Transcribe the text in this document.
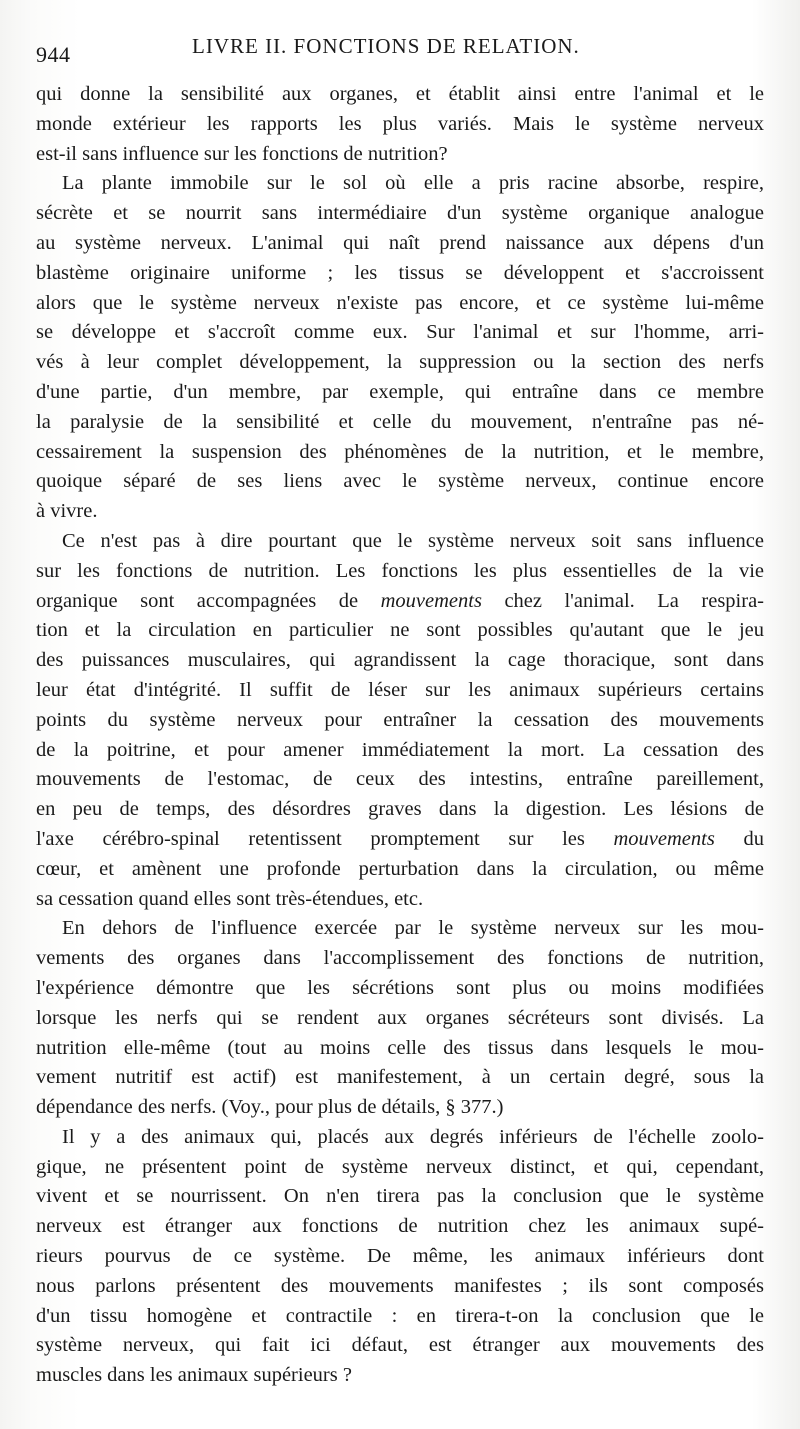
944	LIVRE II. FONCTIONS DE RELATION.
qui donne la sensibilité aux organes, et établit ainsi entre l'animal et le
monde extérieur les rapports les plus variés. Mais le système nerveux
est-il sans influence sur les fonctions de nutrition?
La plante immobile sur le sol où elle a pris racine absorbe, respire,
sécrète et se nourrit sans intermédiaire d'un système organique analogue
au système nerveux. L'animal qui naît prend naissance aux dépens d'un
blastème originaire uniforme ; les tissus se développent et s'accroissent
alors que le système nerveux n'existe pas encore, et ce système lui-même
se développe et s'accroît comme eux. Sur l'animal et sur l'homme, arri-
vés à leur complet développement, la suppression ou la section des nerfs
d'une partie, d'un membre, par exemple, qui entraîne dans ce membre
la paralysie de la sensibilité et celle du mouvement, n'entraîne pas né-
cessairement la suspension des phénomènes de la nutrition, et le membre,
quoique séparé de ses liens avec le système nerveux, continue encore
à vivre.
Ce n'est pas à dire pourtant que le système nerveux soit sans influence
sur les fonctions de nutrition. Les fonctions les plus essentielles de la vie
organique sont accompagnées de mouvements chez l'animal. La respira-
tion et la circulation en particulier ne sont possibles qu'autant que le jeu
des puissances musculaires, qui agrandissent la cage thoracique, sont dans
leur état d'intégrité. Il suffit de léser sur les animaux supérieurs certains
points du système nerveux pour entraîner la cessation des mouvements
de la poitrine, et pour amener immédiatement la mort. La cessation des
mouvements de l'estomac, de ceux des intestins, entraîne pareillement,
en peu de temps, des désordres graves dans la digestion. Les lésions de
l'axe cérébro-spinal retentissent promptement sur les mouvements du
cœur, et amènent une profonde perturbation dans la circulation, ou même
sa cessation quand elles sont très-étendues, etc.
En dehors de l'influence exercée par le système nerveux sur les mou-
vements des organes dans l'accomplissement des fonctions de nutrition,
l'expérience démontre que les sécrétions sont plus ou moins modifiées
lorsque les nerfs qui se rendent aux organes sécréteurs sont divisés. La
nutrition elle-même (tout au moins celle des tissus dans lesquels le mou-
vement nutritif est actif) est manifestement, à un certain degré, sous la
dépendance des nerfs. (Voy., pour plus de détails, § 377.)
Il y a des animaux qui, placés aux degrés inférieurs de l'échelle zoolo-
gique, ne présentent point de système nerveux distinct, et qui, cependant,
vivent et se nourrissent. On n'en tirera pas la conclusion que le système
nerveux est étranger aux fonctions de nutrition chez les animaux supé-
rieurs pourvus de ce système. De même, les animaux inférieurs dont
nous parlons présentent des mouvements manifestes ; ils sont composés
d'un tissu homogène et contractile : en tirera-t-on la conclusion que le
système nerveux, qui fait ici défaut, est étranger aux mouvements des
muscles dans les animaux supérieurs ?
